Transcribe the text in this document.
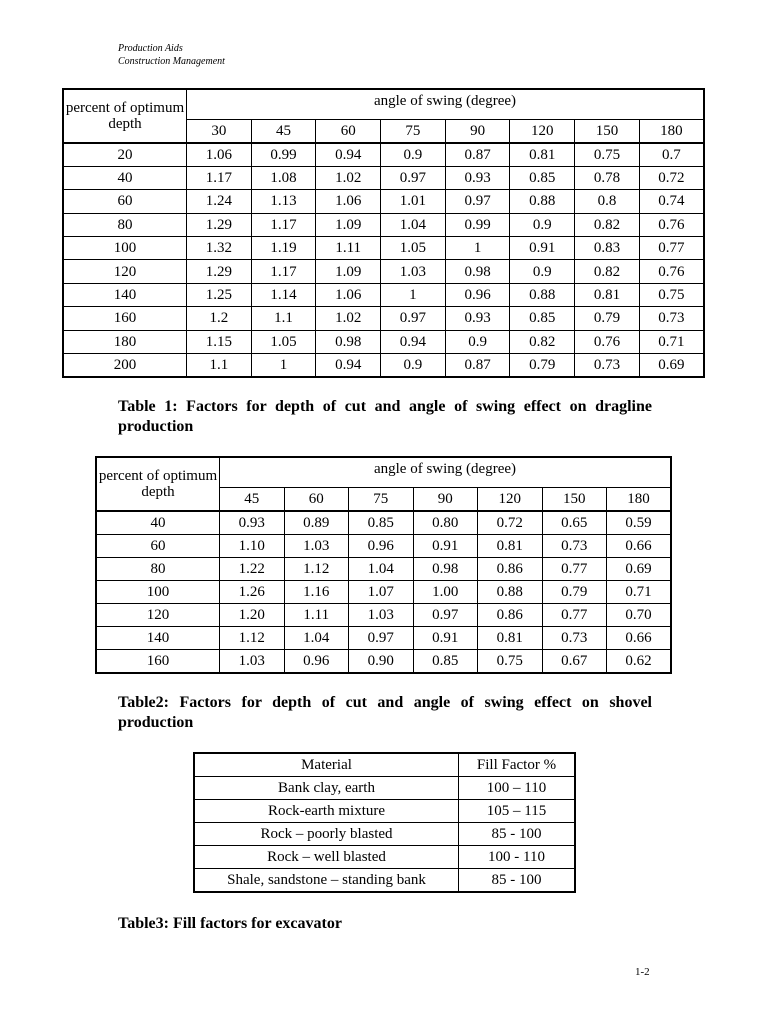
Production Aids
Construction Management
percent of optimum depth	angle of swing (degree)							
	30	45	60	75	90	120	150	180
20	1.06	0.99	0.94	0.9	0.87	0.81	0.75	0.7
40	1.17	1.08	1.02	0.97	0.93	0.85	0.78	0.72
60	1.24	1.13	1.06	1.01	0.97	0.88	0.8	0.74
80	1.29	1.17	1.09	1.04	0.99	0.9	0.82	0.76
100	1.32	1.19	1.11	1.05	1	0.91	0.83	0.77
120	1.29	1.17	1.09	1.03	0.98	0.9	0.82	0.76
140	1.25	1.14	1.06	1	0.96	0.88	0.81	0.75
160	1.2	1.1	1.02	0.97	0.93	0.85	0.79	0.73
180	1.15	1.05	0.98	0.94	0.9	0.82	0.76	0.71
200	1.1	1	0.94	0.9	0.87	0.79	0.73	0.69
Table 1: Factors for depth of cut and angle of swing effect on dragline production
percent of optimum depth	angle of swing (degree)						
	45	60	75	90	120	150	180
40	0.93	0.89	0.85	0.80	0.72	0.65	0.59
60	1.10	1.03	0.96	0.91	0.81	0.73	0.66
80	1.22	1.12	1.04	0.98	0.86	0.77	0.69
100	1.26	1.16	1.07	1.00	0.88	0.79	0.71
120	1.20	1.11	1.03	0.97	0.86	0.77	0.70
140	1.12	1.04	0.97	0.91	0.81	0.73	0.66
160	1.03	0.96	0.90	0.85	0.75	0.67	0.62
Table2: Factors for depth of cut and angle of swing effect on shovel production
Material	Fill Factor %
Bank clay, earth	100 – 110
Rock-earth mixture	105 – 115
Rock – poorly blasted	85 - 100
Rock – well blasted	100 - 110
Shale, sandstone – standing bank	85 - 100
Table3: Fill factors for excavator
1-2
